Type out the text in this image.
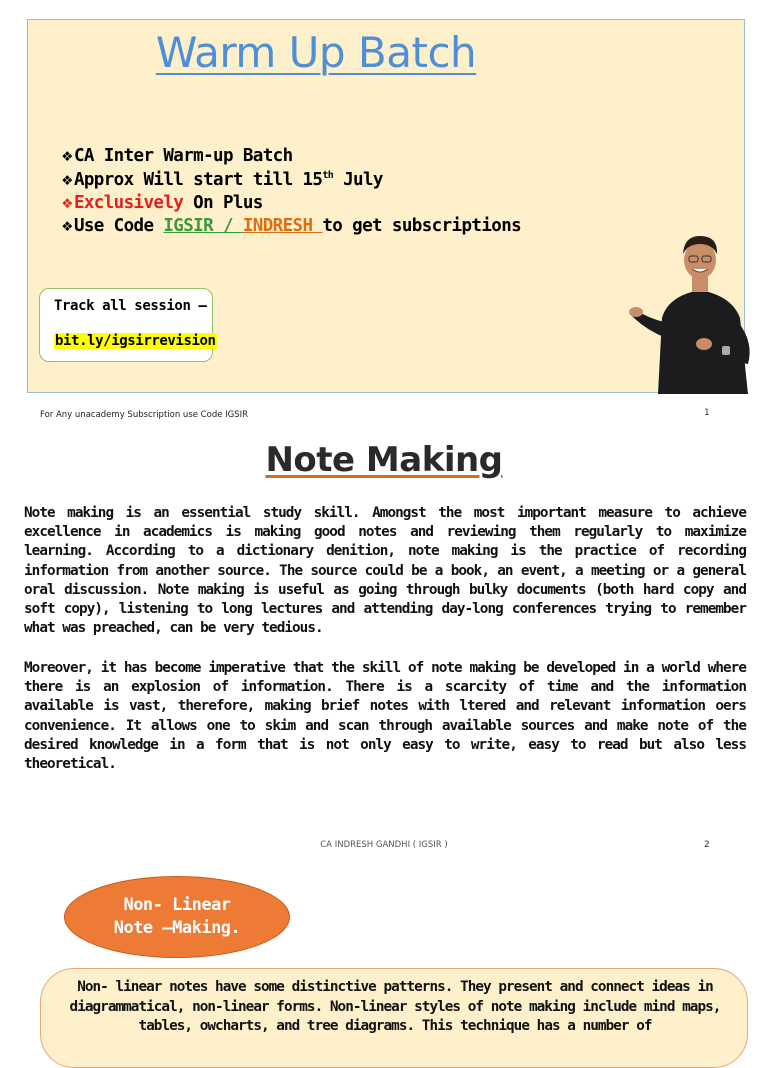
Warm Up Batch
❖ CA Inter Warm-up Batch
❖ Approx Will start till 15th July
❖ Exclusively On Plus
❖ Use Code IGSIR / INDRESH to get subscriptions
Track all session –
bit.ly/igsirrevision
For Any unacademy Subscription use Code IGSIR	1
Note Making
Note making is an essential study skill. Amongst the most important measure to achieve excellence in academics is making good notes and reviewing them regularly to maximize learning. According to a dictionary denition, note making is the practice of recording information from another source. The source could be a book, an event, a meeting or a general oral discussion. Note making is useful as going through bulky documents (both hard copy and soft copy), listening to long lectures and attending day-long conferences trying to remember what was preached, can be very tedious.
Moreover, it has become imperative that the skill of note making be developed in a world where there is an explosion of information. There is a scarcity of time and the information available is vast, therefore, making brief notes with ltered and relevant information oers convenience. It allows one to skim and scan through available sources and make note of the desired knowledge in a form that is not only easy to write, easy to read but also less theoretical.
CA INDRESH GANDHI ( IGSIR )	2
Non- Linear
Note –Making.
Non- linear notes have some distinctive patterns. They present and connect ideas in diagrammatical, non-linear forms. Non-linear styles of note making include mind maps, tables, owcharts, and tree diagrams. This technique has a number of
